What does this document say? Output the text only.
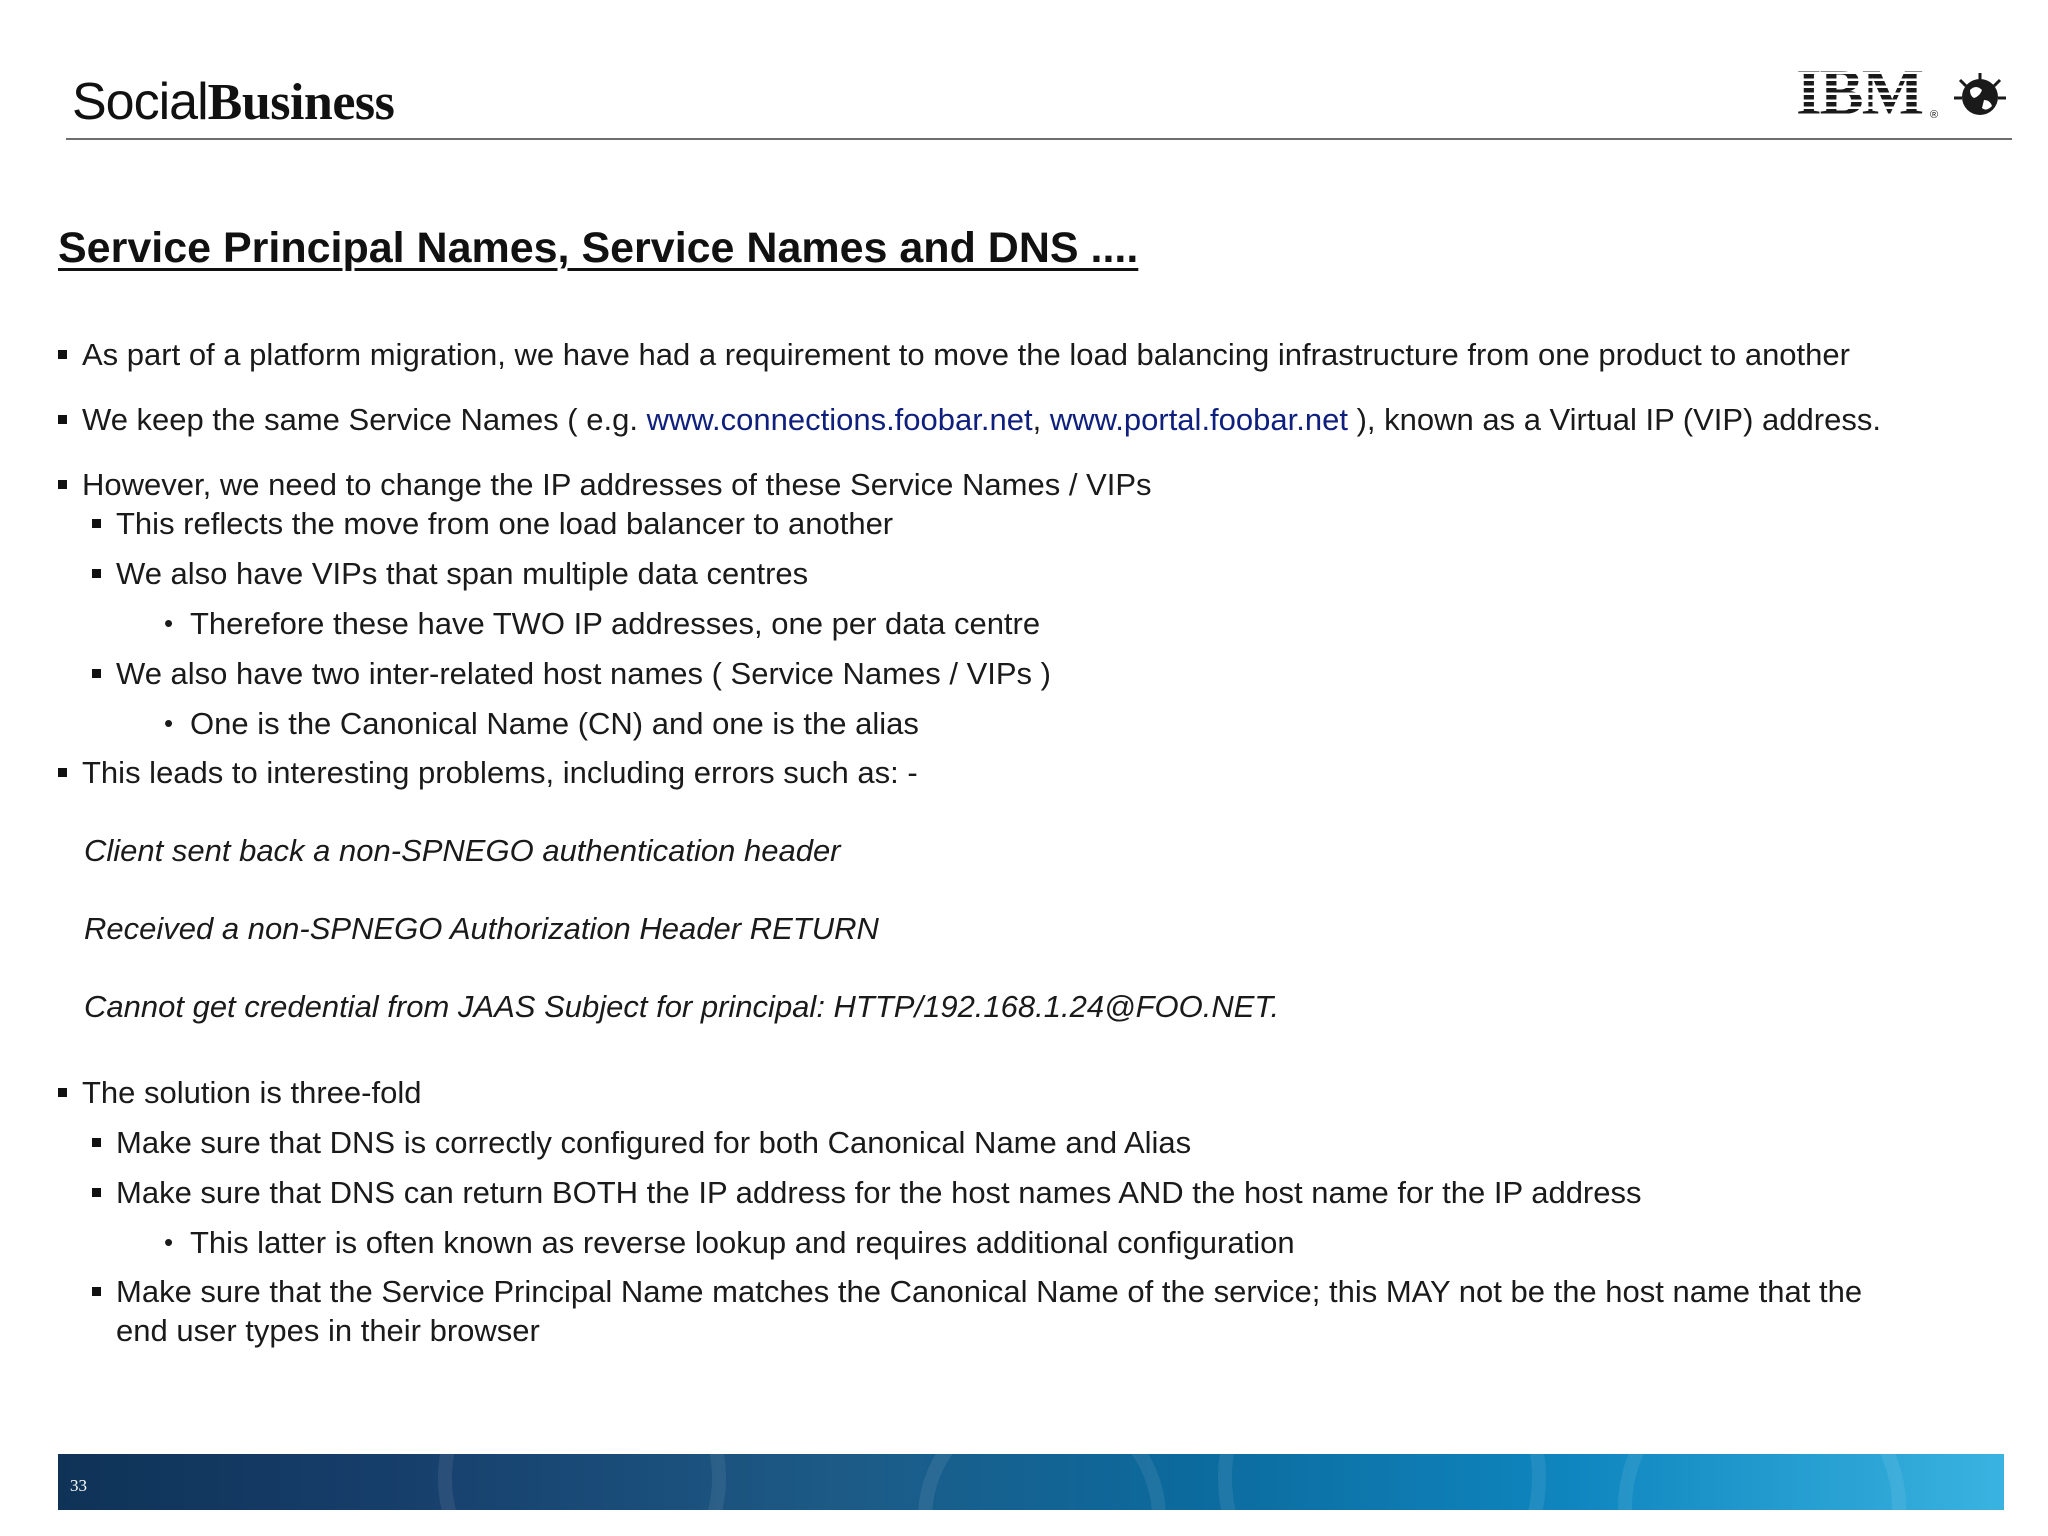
SocialBusiness	IBM ®
Service Principal Names, Service Names and DNS ....
As part of a platform migration, we have had a requirement to move the load balancing infrastructure from one product to another
We keep the same Service Names ( e.g. www.connections.foobar.net, www.portal.foobar.net ), known as a Virtual IP (VIP) address.
However, we need to change the IP addresses of these Service Names / VIPs
This reflects the move from one load balancer to another
We also have VIPs that span multiple data centres
• Therefore these have TWO IP addresses, one per data centre
We also have two inter-related host names ( Service Names / VIPs )
• One is the Canonical Name (CN) and one is the alias
This leads to interesting problems, including errors such as: -
Client sent back a non-SPNEGO authentication header
Received a non-SPNEGO Authorization Header RETURN
Cannot get credential from JAAS Subject for principal: HTTP/192.168.1.24@FOO.NET.
The solution is three-fold
Make sure that DNS is correctly configured for both Canonical Name and Alias
Make sure that DNS can return BOTH the IP address for the host names AND the host name for the IP address
• This latter is often known as reverse lookup and requires additional configuration
Make sure that the Service Principal Name matches the Canonical Name of the service; this MAY not be the host name that the
end user types in their browser
33
